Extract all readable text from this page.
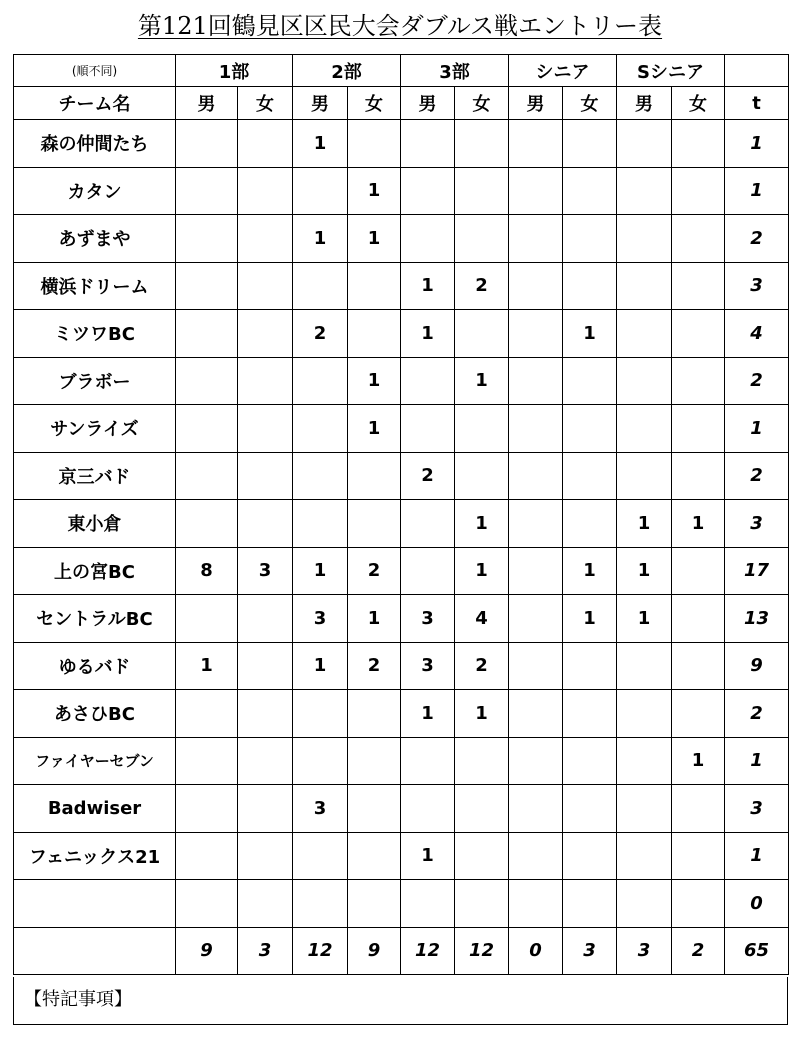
第121回鶴見区区民大会ダブルス戦エントリー表
(順不同)	1部		2部		3部		シニア		Sシニア		
チーム名	男	女	男	女	男	女	男	女	男	女	t
森の仲間たち			1								1
カタン				1							1
あずまや			1	1							2
横浜ドリーム					1	2					3
ミツワBC			2		1			1			4
ブラボー				1		1					2
サンライズ				1							1
京三バド					2						2
東小倉						1			1	1	3
上の宮BC	8	3	1	2		1		1	1		17
セントラルBC			3	1	3	4		1	1		13
ゆるバド	1		1	2	3	2					9
あさひBC					1	1					2
ファイヤーセブン										1	1
Badwiser			3								3
フェニックス21					1						1
											0
	9	3	12	9	12	12	0	3	3	2	65
【特記事項】
